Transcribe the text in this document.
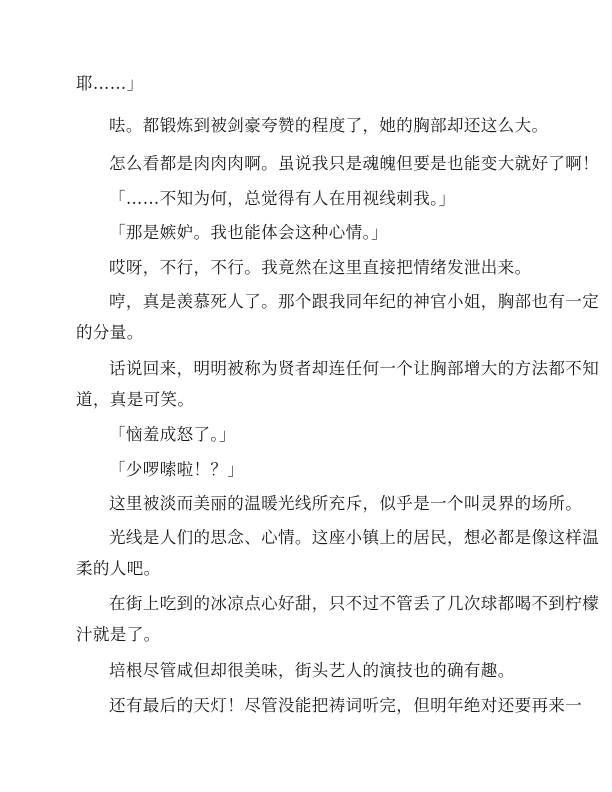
耶……」

呿。都锻炼到被剑豪夸赞的程度了，她的胸部却还这么大。

怎么看都是肉肉肉啊。虽说我只是魂魄但要是也能变大就好了啊！

「……不知为何，总觉得有人在用视线刺我。」

「那是嫉妒。我也能体会这种心情。」

哎呀，不行，不行。我竟然在这里直接把情绪发泄出来。

哼，真是羡慕死人了。那个跟我同年纪的神官小姐，胸部也有一定
的分量。

话说回来，明明被称为贤者却连任何一个让胸部增大的方法都不知
道，真是可笑。

「恼羞成怒了。」

「少啰嗦啦！？」

这里被淡而美丽的温暖光线所充斥，似乎是一个叫灵界的场所。

光线是人们的思念、心情。这座小镇上的居民，想必都是像这样温
柔的人吧。

在街上吃到的冰凉点心好甜，只不过不管丢了几次球都喝不到柠檬
汁就是了。

培根尽管咸但却很美味，街头艺人的演技也的确有趣。

还有最后的天灯！尽管没能把祷词听完，但明年绝对还要再来一
